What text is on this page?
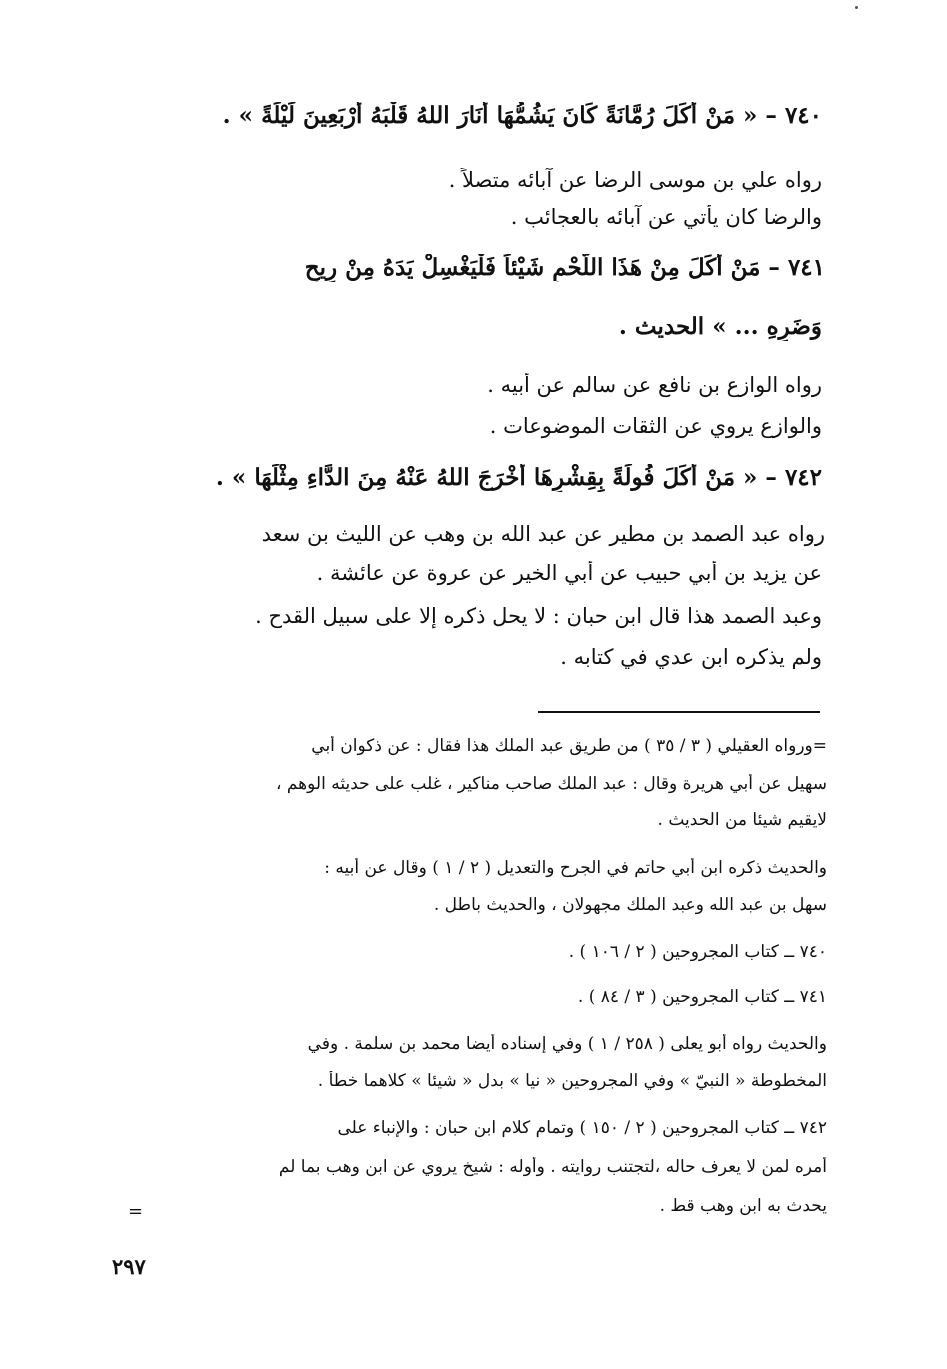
٧٤٠ – « مَنْ أَكَلَ رُمَّانَةً كَانَ يَشُمُّهَا أَنَارَ اللهُ قَلْبَهُ أَرْبَعِينَ لَيْلَةً » .
رواه علي بن موسى الرضا عن آبائه متصلاً .
والرضا كان يأتي عن آبائه بالعجائب .
٧٤١ – مَنْ أَكَلَ مِنْ هَذَا اللَّحْمِ شَيْئاً فَلْيَغْسِلْ يَدَهُ مِنْ رِيحِ
وَضَرِهِ ... » الحديث .
رواه الوازع بن نافع عن سالم عن أبيه .
والوازع يروي عن الثقات الموضوعات .
٧٤٢ – « مَنْ أَكَلَ فُولَةً بِقِشْرِهَا أَخْرَجَ اللهُ عَنْهُ مِنَ الدَّاءِ مِثْلَهَا » .
رواه عبد الصمد بن مطير عن عبد الله بن وهب عن الليث بن سعد
عن يزيد بن أبي حبيب عن أبي الخير عن عروة عن عائشة .
وعبد الصمد هذا قال ابن حبان : لا يحل ذكره إلا على سبيل القدح .
ولم يذكره ابن عدي في كتابه .
=ورواه العقيلي ( ٣ / ٣٥ ) من طريق عبد الملك هذا فقال : عن ذكوان أبي
سهيل عن أبي هريرة وقال : عبد الملك صاحب مناكير ، غلب على حديثه الوهم ،
لايقيم شيئا من الحديث .
والحديث ذكره ابن أبي حاتم في الجرح والتعديل ( ٢ / ١ ) وقال عن أبيه :
سهل بن عبد الله وعبد الملك مجهولان ، والحديث باطل .
٧٤٠ ــ كتاب المجروحين ( ٢ / ١٠٦ ) .
٧٤١ ــ كتاب المجروحين ( ٣ / ٨٤ ) .
والحديث رواه أبو يعلى ( ٢٥٨ / ١ ) وفي إسناده أيضا محمد بن سلمة . وفي
المخطوطة « النبيّ » وفي المجروحين « نيا » بدل « شيئا » كلاهما خطأ .
٧٤٢ ــ كتاب المجروحين ( ٢ / ١٥٠ ) وتمام كلام ابن حبان : والإنباء على
أمره لمن لا يعرف حاله ،لتجتنب روايته . وأوله : شيخ يروي عن ابن وهب بما لم
يحدث به ابن وهب قط .
=
٢٩٧
